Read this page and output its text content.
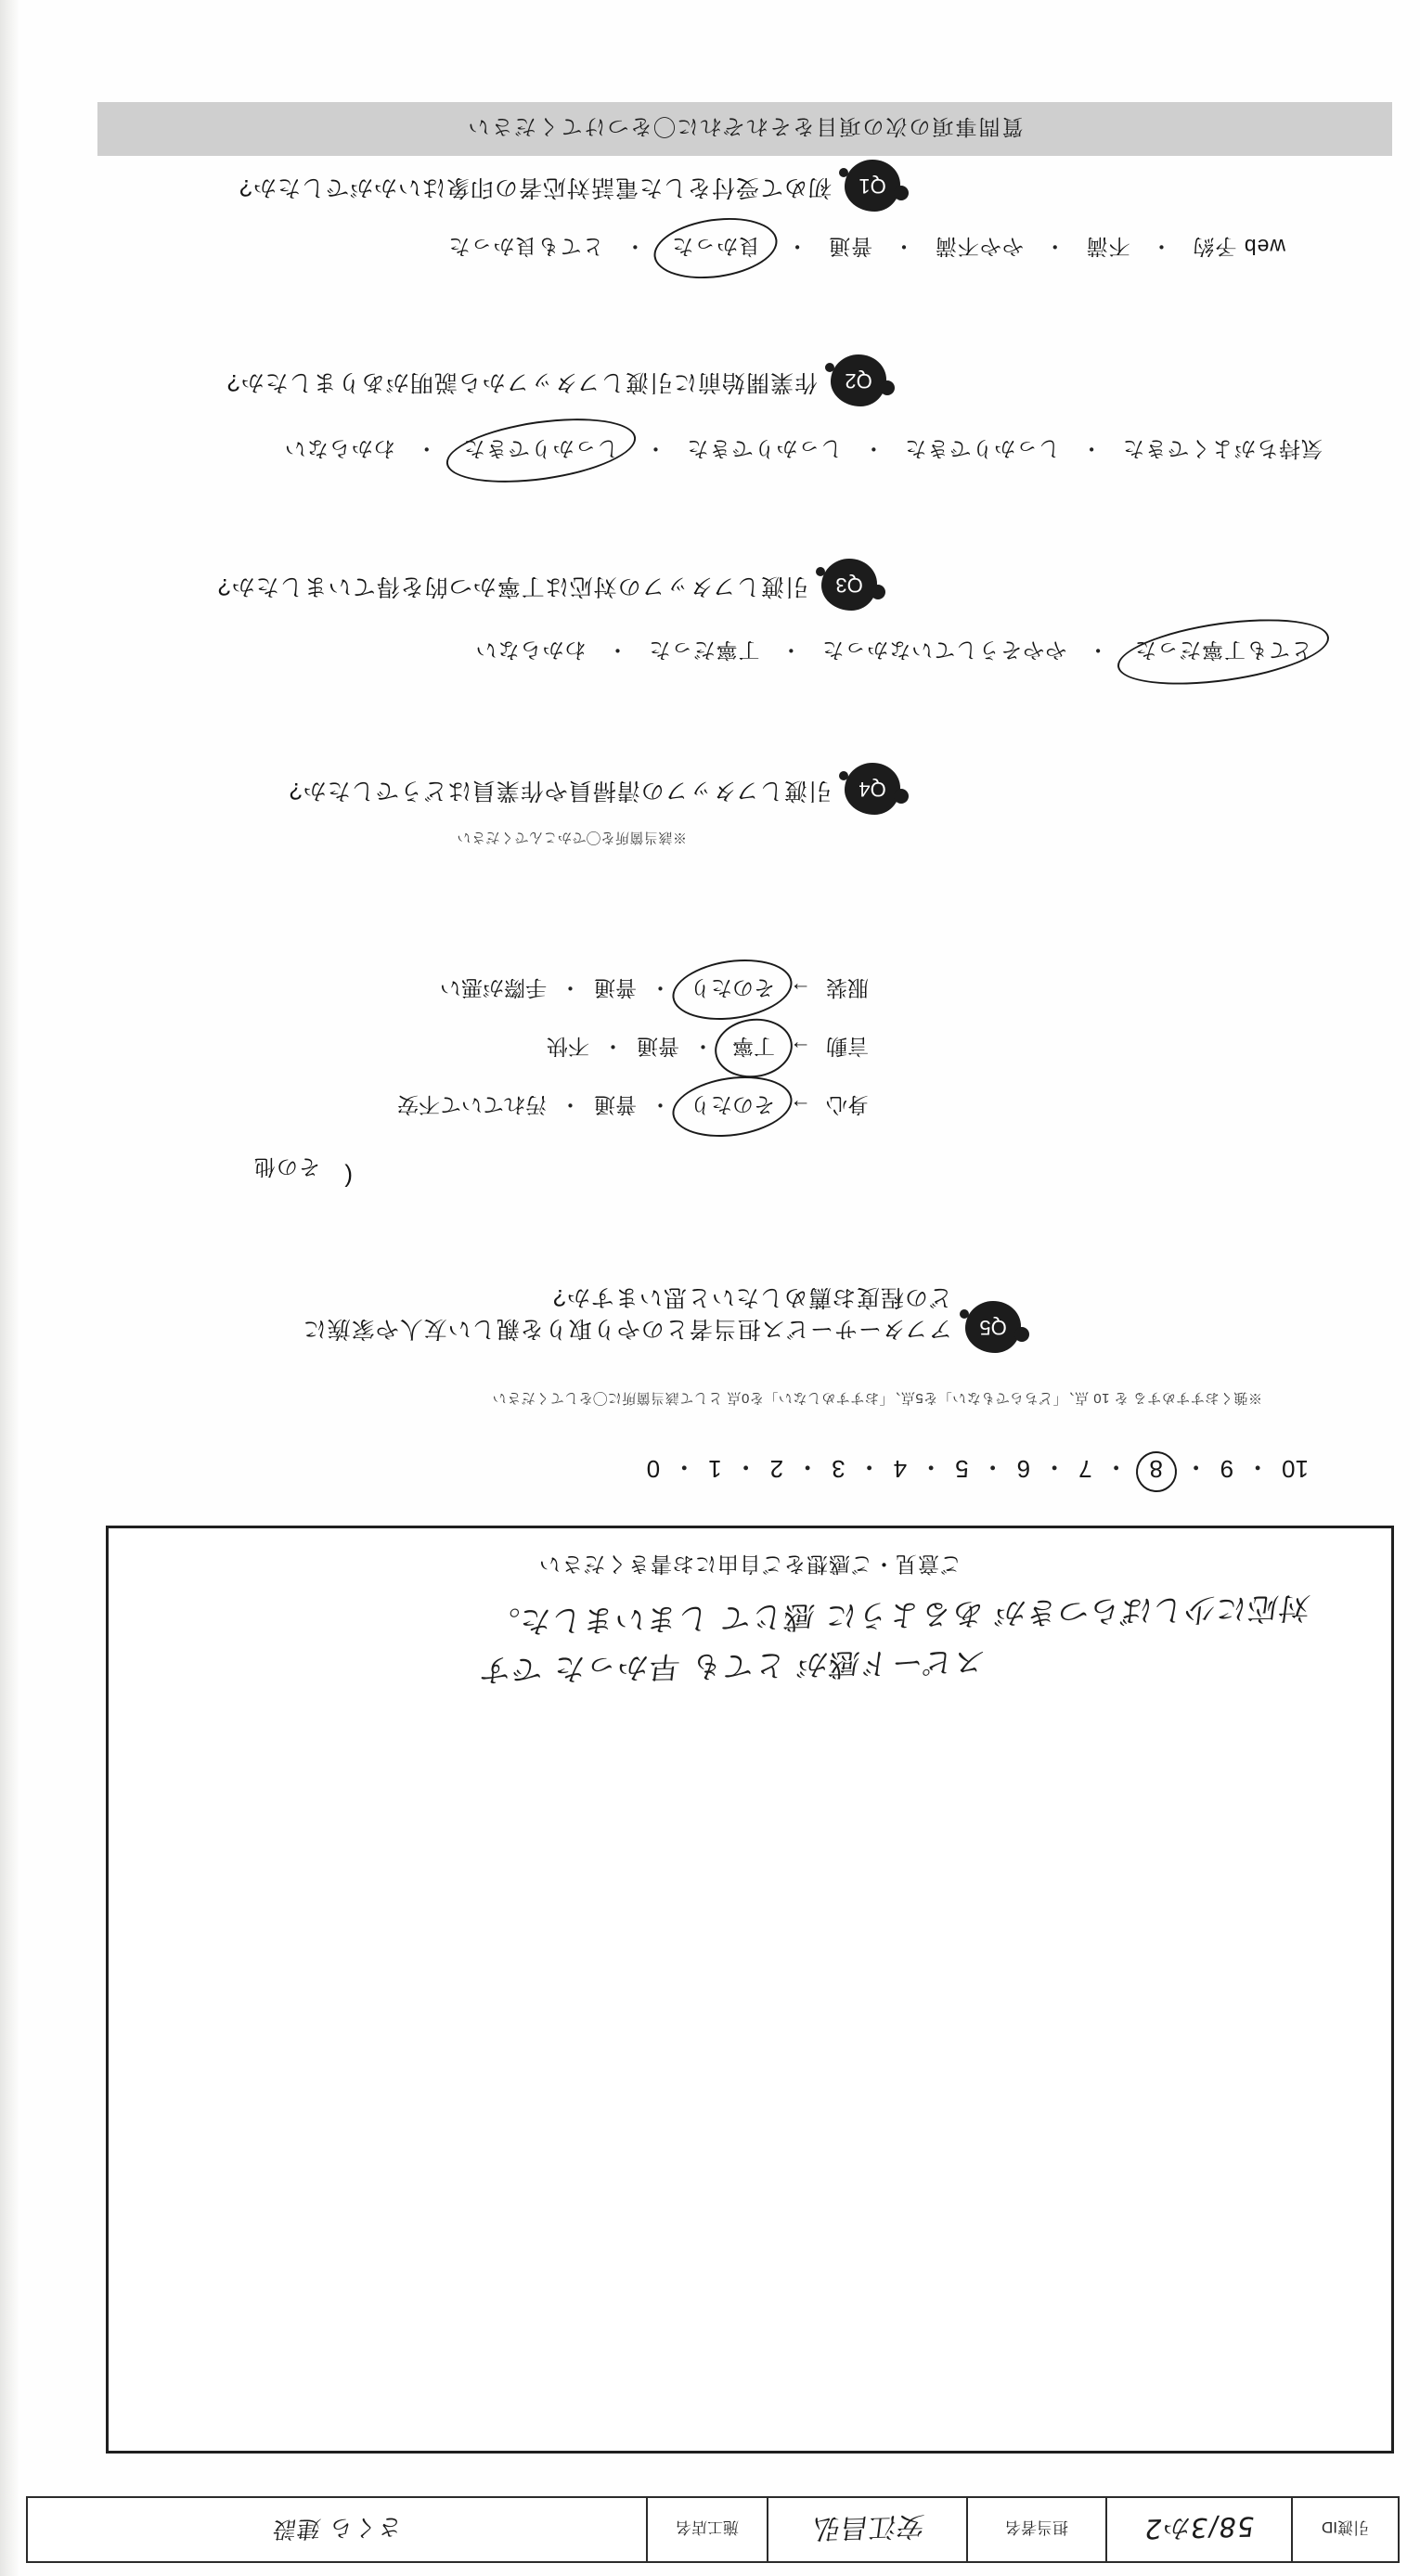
引渡ID
58/3か2
担当者名
安江昌弘
施工店名
さくら 建設
スピード感が とても 早かった です
対応に少しばらつきが あるように 感じて しまいました。
ご意見・ご感想をご自由にお書きください
10
・
9
・
8
・
7
・
6
・
5
・
4
・
3
・
2
・
1
・
0
※強くおすすめする を 10 点、「どちらでもない」を5点、「おすすめしない」を0点 として該当箇所に◯をしてください
Q5
アフターサービス担当者とのやり取りを親しい友人や家族に
どの程度お薦めしたいと思いますか?
その他 (
身心
→
そのたり
・
普通
・
汚れていて不安
言動
→
丁寧
・
普通
・
不快
服装
→
そのたり
・
普通
・
手際が悪い
※該当箇所を◯でかこんでください
Q4
引渡しフタッフの清掃員や作業員はどうでしたか?
とても丁寧だった ・ ややそうしていなかった ・ 丁寧だった ・ わからない
Q3
引渡しフタッフの対応は丁寧かつ的を得ていましたか?
気持ちがよくできた ・ しっかりできた ・ しっかりできた ・ しっかりできた ・ わからない
Q2
作業開始前に引渡しフタッフから説明がありましたか?
web 予約 ・ 不満 ・ やや不満 ・ 普通 ・ 良かった ・ とても良かった
Q1
初めて受付をした電話対応者の印象はいかがでしたか?
質問事項の次の項目をそれぞれに◯をつけてください
